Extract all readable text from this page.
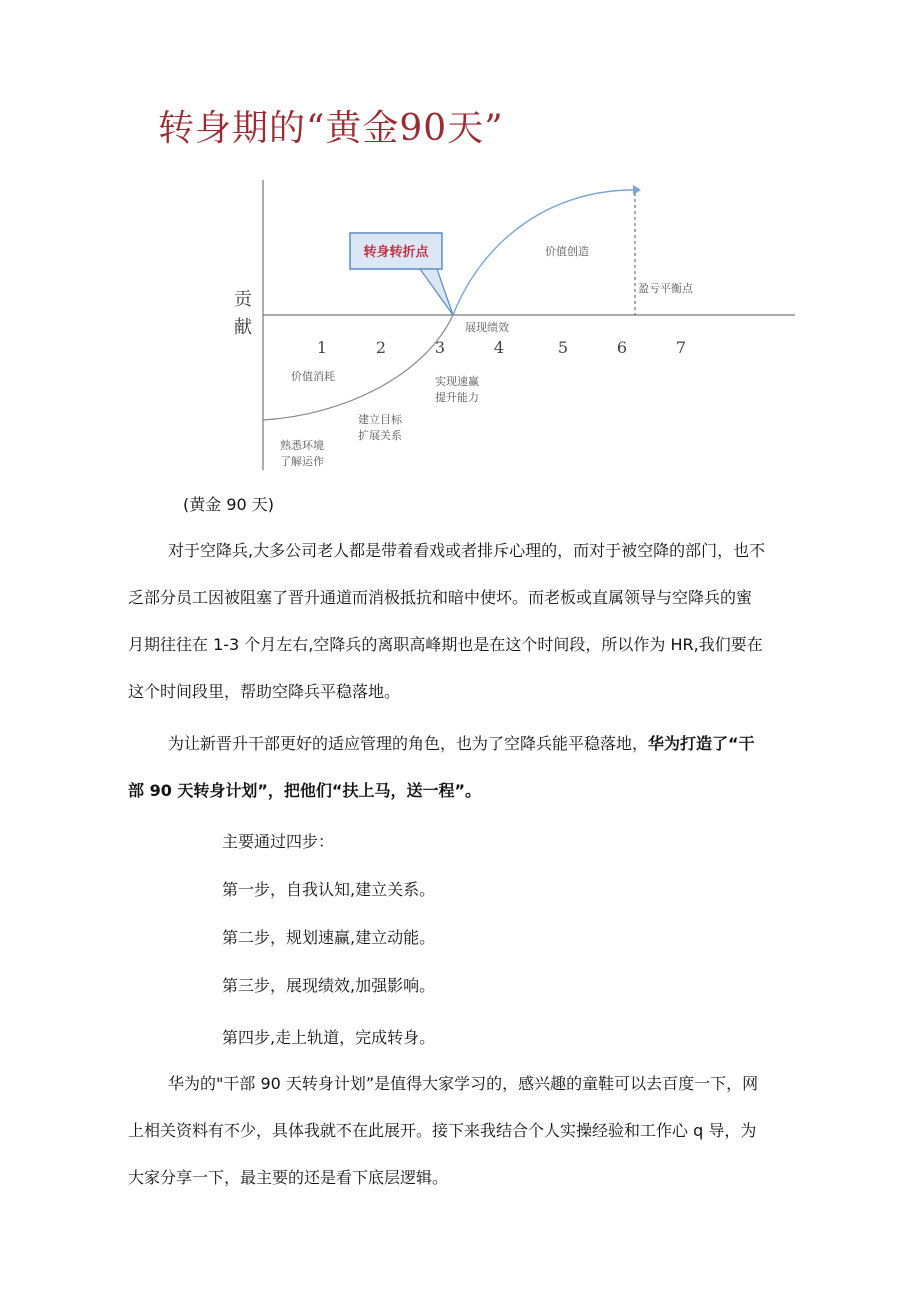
转身期的“黄金90天”
转身转折点
贡
献
1	2	3	4	5	6	7
价值创造
盈亏平衡点
展现绩效
价值消耗	实现速赢
提升能力
建立目标
扩展关系
熟悉环境
了解运作
(黄金 90 天)
对于空降兵,大多公司老人都是带着看戏或者排斥心理的，而对于被空降的部门，也不
乏部分员工因被阻塞了晋升通道而消极抵抗和暗中使坏。而老板或直属领导与空降兵的蜜
月期往往在 1-3 个月左右,空降兵的离职高峰期也是在这个时间段，所以作为 HR,我们要在
这个时间段里，帮助空降兵平稳落地。
为让新晋升干部更好的适应管理的角色，也为了空降兵能平稳落地，华为打造了“干
部 90 天转身计划”，把他们“扶上马，送一程”。
主要通过四步：
第一步，自我认知,建立关系。
第二步，规划速赢,建立动能。
第三步，展现绩效,加强影响。
第四步,走上轨道，完成转身。
华为的"干部 90 天转身计划”是值得大家学习的，感兴趣的童鞋可以去百度一下，网
上相关资料有不少，具体我就不在此展开。接下来我结合个人实操经验和工作心 q 导，为
大家分享一下，最主要的还是看下底层逻辑。
